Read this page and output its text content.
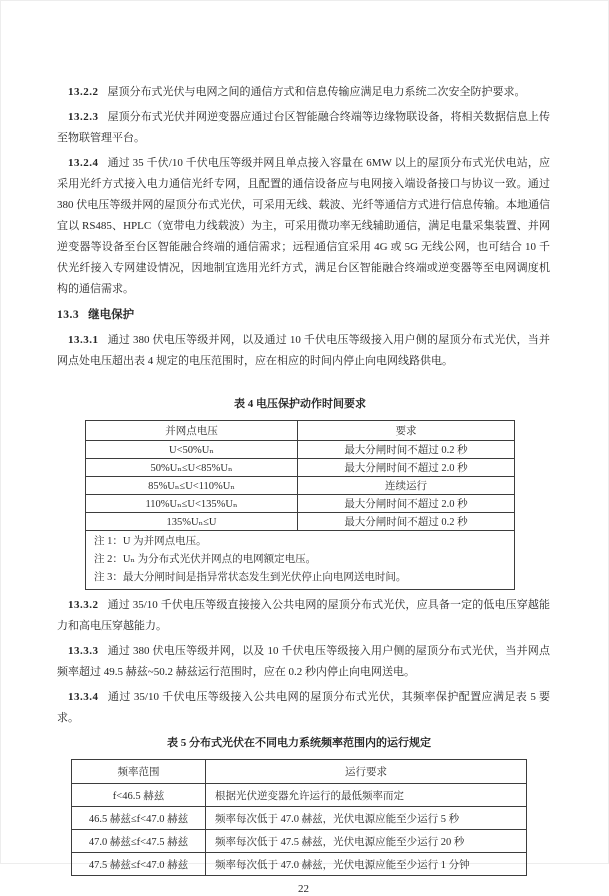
13.2.2 屋顶分布式光伏与电网之间的通信方式和信息传输应满足电力系统二次安全防护要求。

13.2.3 屋顶分布式光伏并网逆变器应通过台区智能融合终端等边缘物联设备，将相关数据信息上传至物联管理平台。

13.2.4 通过 35 千伏/10 千伏电压等级并网且单点接入容量在 6MW 以上的屋顶分布式光伏电站，应采用光纤方式接入电力通信光纤专网，且配置的通信设备应与电网接入端设备接口与协议一致。通过 380 伏电压等级并网的屋顶分布式光伏，可采用无线、载波、光纤等通信方式进行信息传输。本地通信宜以 RS485、HPLC（宽带电力线载波）为主，可采用微功率无线辅助通信，满足电量采集装置、并网逆变器等设备至台区智能融合终端的通信需求；远程通信宜采用 4G 或 5G 无线公网，也可结合 10 千伏光纤接入专网建设情况，因地制宜选用光纤方式，满足台区智能融合终端或逆变器等至电网调度机构的通信需求。

13.3 继电保护

13.3.1 通过 380 伏电压等级并网，以及通过 10 千伏电压等级接入用户侧的屋顶分布式光伏，当并网点处电压超出表 4 规定的电压范围时，应在相应的时间内停止向电网线路供电。

表 4 电压保护动作时间要求
并网点电压	要求
U<50%Uₙ	最大分闸时间不超过 0.2 秒
50%Uₙ≤U<85%Uₙ	最大分闸时间不超过 2.0 秒
85%Uₙ≤U<110%Uₙ	连续运行
110%Uₙ≤U<135%Uₙ	最大分闸时间不超过 2.0 秒
135%Uₙ≤U	最大分闸时间不超过 0.2 秒

注 1：U 为并网点电压。
注 2：Uₙ 为分布式光伏并网点的电网额定电压。
注 3：最大分闸时间是指异常状态发生到光伏停止向电网送电时间。	

13.3.2 通过 35/10 千伏电压等级直接接入公共电网的屋顶分布式光伏，应具备一定的低电压穿越能力和高电压穿越能力。

13.3.3 通过 380 伏电压等级并网，以及 10 千伏电压等级接入用户侧的屋顶分布式光伏，当并网点频率超过 49.5 赫兹~50.2 赫兹运行范围时，应在 0.2 秒内停止向电网送电。

13.3.4 通过 35/10 千伏电压等级接入公共电网的屋顶分布式光伏，其频率保护配置应满足表 5 要求。

表 5 分布式光伏在不同电力系统频率范围内的运行规定
频率范围	运行要求
f<46.5 赫兹	根据光伏逆变器允许运行的最低频率而定
46.5 赫兹≤f<47.0 赫兹	频率每次低于 47.0 赫兹，光伏电源应能至少运行 5 秒
47.0 赫兹≤f<47.5 赫兹	频率每次低于 47.5 赫兹，光伏电源应能至少运行 20 秒
47.5 赫兹≤f<47.0 赫兹	频率每次低于 47.0 赫兹，光伏电源应能至少运行 1 分钟
22
